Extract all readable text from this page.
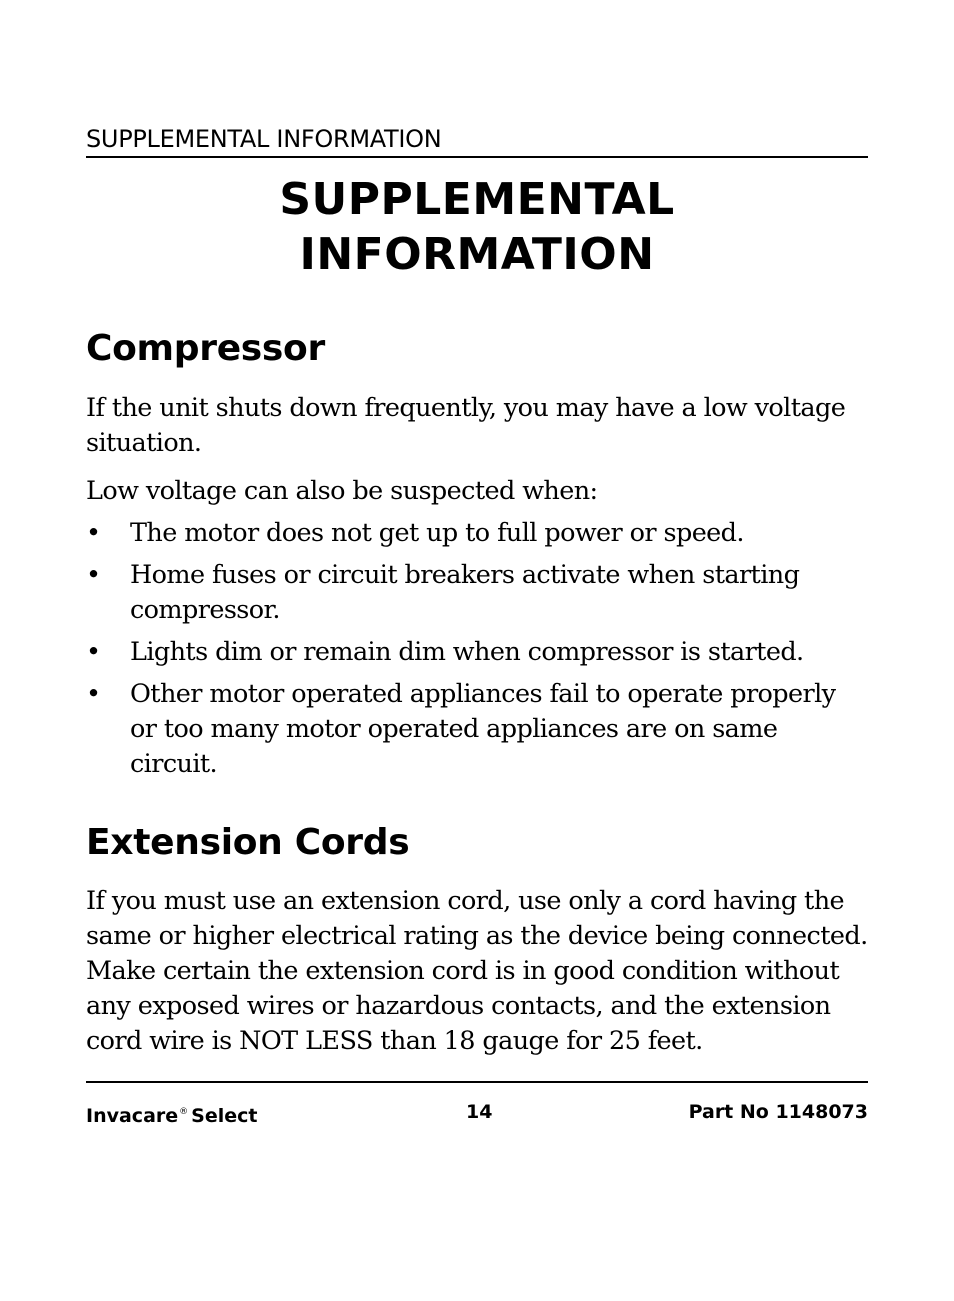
SUPPLEMENTAL INFORMATION
SUPPLEMENTAL
INFORMATION
Compressor

If the unit shuts down frequently, you may have a low voltage situation.

Low voltage can also be suspected when:

• The motor does not get up to full power or speed.
• Home fuses or circuit breakers activate when starting compressor.
• Lights dim or remain dim when compressor is started.
• Other motor operated appliances fail to operate properly or too many motor operated appliances are on same circuit.
Extension Cords

If you must use an extension cord, use only a cord having the same or higher electrical rating as the device being connected. Make certain the extension cord is in good condition without any exposed wires or hazardous contacts, and the extension cord wire is NOT LESS than 18 gauge for 25 feet.

Invacare® Select	14	Part No 1148073
